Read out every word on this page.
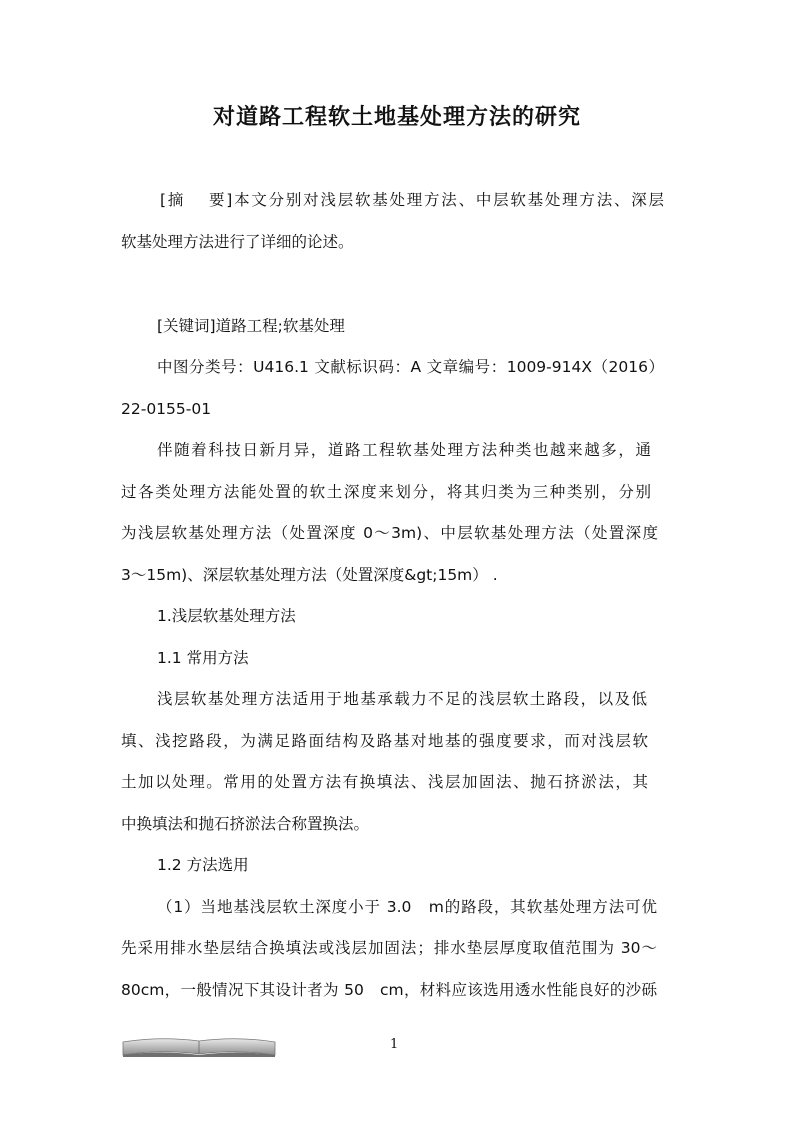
对道路工程软土地基处理方法的研究
[摘　 要]本文分别对浅层软基处理方法、中层软基处理方法、深层
软基处理方法进行了详细的论述。
[关键词]道路工程;软基处理
中图分类号：U416.1 文献标识码：A 文章编号：1009-914X（2016）
22-0155-01
伴随着科技日新月异，道路工程软基处理方法种类也越来越多，通
过各类处理方法能处置的软土深度来划分，将其归类为三种类别，分别
为浅层软基处理方法（处置深度 0～3m)、中层软基处理方法（处置深度
3～15m)、深层软基处理方法（处置深度&gt;15m） .
1.浅层软基处理方法
1.1 常用方法
浅层软基处理方法适用于地基承载力不足的浅层软土路段，以及低
填、浅挖路段，为满足路面结构及路基对地基的强度要求，而对浅层软
土加以处理。常用的处置方法有换填法、浅层加固法、抛石挤淤法，其
中换填法和抛石挤淤法合称置换法。
1.2 方法选用
（1）当地基浅层软土深度小于 3.0　m的路段，其软基处理方法可优
先采用排水垫层结合换填法或浅层加固法；排水垫层厚度取值范围为 30～
80cm，一般情况下其设计者为 50　cm，材料应该选用透水性能良好的沙砾
1
